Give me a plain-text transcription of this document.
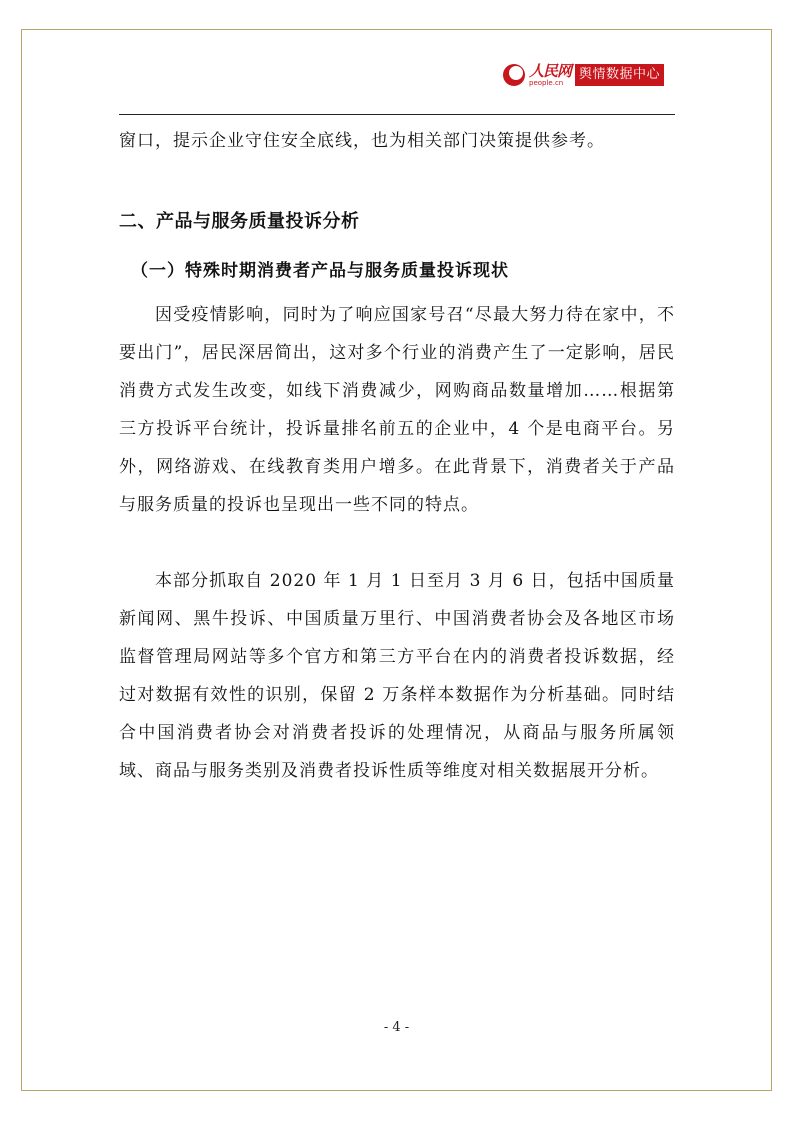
人民网
people.cn
舆情数据中心

窗口，提示企业守住安全底线，也为相关部门决策提供参考。

二、产品与服务质量投诉分析
（一）特殊时期消费者产品与服务质量投诉现状

因受疫情影响，同时为了响应国家号召“尽最大努力待在家中，不要出门”，居民深居简出，这对多个行业的消费产生了一定影响，居民消费方式发生改变，如线下消费减少，网购商品数量增加……根据第三方投诉平台统计，投诉量排名前五的企业中，4 个是电商平台。另外，网络游戏、在线教育类用户增多。在此背景下，消费者关于产品与服务质量的投诉也呈现出一些不同的特点。

本部分抓取自 2020 年 1 月 1 日至月 3 月 6 日，包括中国质量新闻网、黑牛投诉、中国质量万里行、中国消费者协会及各地区市场监督管理局网站等多个官方和第三方平台在内的消费者投诉数据，经过对数据有效性的识别，保留 2 万条样本数据作为分析基础。同时结合中国消费者协会对消费者投诉的处理情况，从商品与服务所属领域、商品与服务类别及消费者投诉性质等维度对相关数据展开分析。

- 4 -
